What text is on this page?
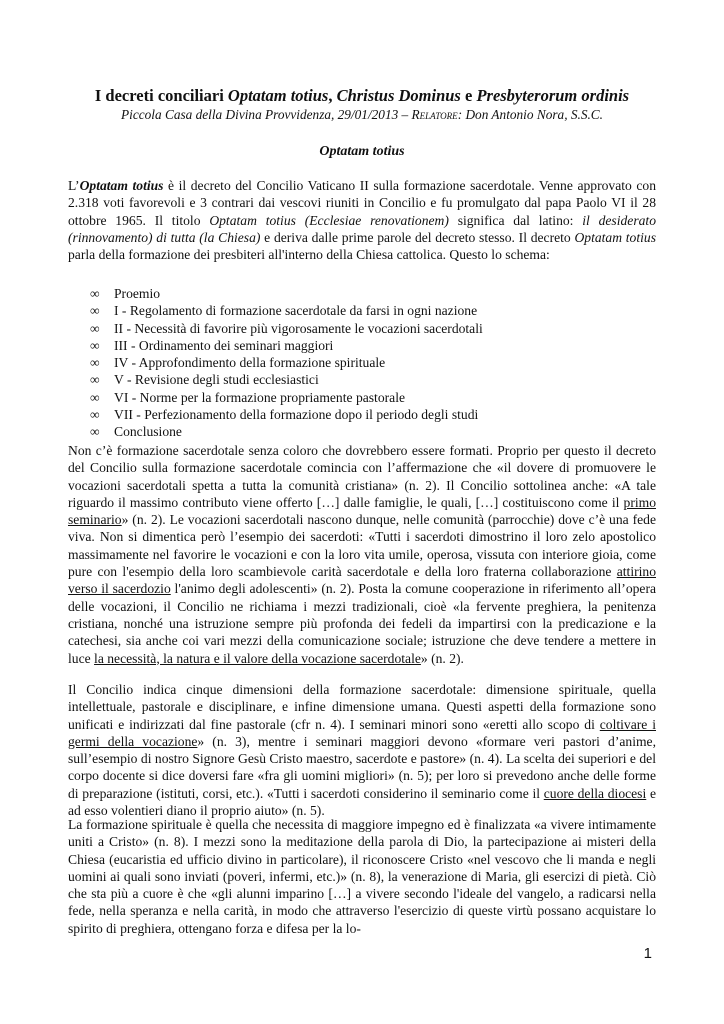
I decreti conciliari Optatam totius, Christus Dominus e Presbyterorum ordinis
Piccola Casa della Divina Provvidenza, 29/01/2013 – Relatore: Don Antonio Nora, S.S.C.
Optatam totius
L’Optatam totius è il decreto del Concilio Vaticano II sulla formazione sacerdotale. Venne approvato con 2.318 voti favorevoli e 3 contrari dai vescovi riuniti in Concilio e fu promulgato dal papa Paolo VI il 28 ottobre 1965. Il titolo Optatam totius (Ecclesiae renovationem) significa dal latino: il desiderato (rinnovamento) di tutta (la Chiesa) e deriva dalle prime parole del decreto stesso. Il decreto Optatam totius parla della formazione dei presbiteri all'interno della Chiesa cattolica. Questo lo schema:
∞	Proemio
∞	I - Regolamento di formazione sacerdotale da farsi in ogni nazione
∞	II - Necessità di favorire più vigorosamente le vocazioni sacerdotali
∞	III - Ordinamento dei seminari maggiori
∞	IV - Approfondimento della formazione spirituale
∞	V - Revisione degli studi ecclesiastici
∞	VI - Norme per la formazione propriamente pastorale
∞	VII - Perfezionamento della formazione dopo il periodo degli studi
∞	Conclusione
Non c’è formazione sacerdotale senza coloro che dovrebbero essere formati. Proprio per questo il decreto del Concilio sulla formazione sacerdotale comincia con l’affermazione che «il dovere di promuovere le vocazioni sacerdotali spetta a tutta la comunità cristiana» (n. 2). Il Concilio sottolinea anche: «A tale riguardo il massimo contributo viene offerto […] dalle famiglie, le quali, […] costituiscono come il primo seminario» (n. 2). Le vocazioni sacerdotali nascono dunque, nelle comunità (parrocchie) dove c’è una fede viva. Non si dimentica però l’esempio dei sacerdoti: «Tutti i sacerdoti dimostrino il loro zelo apostolico massimamente nel favorire le vocazioni e con la loro vita umile, operosa, vissuta con interiore gioia, come pure con l'esempio della loro scambievole carità sacerdotale e della loro fraterna collaborazione attirino verso il sacerdozio l'animo degli adolescenti» (n. 2). Posta la comune cooperazione in riferimento all’opera delle vocazioni, il Concilio ne richiama i mezzi tradizionali, cioè «la fervente preghiera, la penitenza cristiana, nonché una istruzione sempre più profonda dei fedeli da impartirsi con la predicazione e la catechesi, sia anche coi vari mezzi della comunicazione sociale; istruzione che deve tendere a mettere in luce la necessità, la natura e il valore della vocazione sacerdotale» (n. 2).
Il Concilio indica cinque dimensioni della formazione sacerdotale: dimensione spirituale, quella intellettuale, pastorale e disciplinare, e infine dimensione umana. Questi aspetti della formazione sono unificati e indirizzati dal fine pastorale (cfr n. 4). I seminari minori sono «eretti allo scopo di coltivare i germi della vocazione» (n. 3), mentre i seminari maggiori devono «formare veri pastori d’anime, sull’esempio di nostro Signore Gesù Cristo maestro, sacerdote e pastore» (n. 4). La scelta dei superiori e del corpo docente si dice doversi fare «fra gli uomini migliori» (n. 5); per loro si prevedono anche delle forme di preparazione (istituti, corsi, etc.). «Tutti i sacerdoti considerino il seminario come il cuore della diocesi e ad esso volentieri diano il proprio aiuto» (n. 5).
La formazione spirituale è quella che necessita di maggiore impegno ed è finalizzata «a vivere intimamente uniti a Cristo» (n. 8). I mezzi sono la meditazione della parola di Dio, la partecipazione ai misteri della Chiesa (eucaristia ed ufficio divino in particolare), il riconoscere Cristo «nel vescovo che li manda e negli uomini ai quali sono inviati (poveri, infermi, etc.)» (n. 8), la venerazione di Maria, gli esercizi di pietà. Ciò che sta più a cuore è che «gli alunni imparino […] a vivere secondo l'ideale del vangelo, a radicarsi nella fede, nella speranza e nella carità, in modo che attraverso l'esercizio di queste virtù possano acquistare lo spirito di preghiera, ottengano forza e difesa per la lo-
1
